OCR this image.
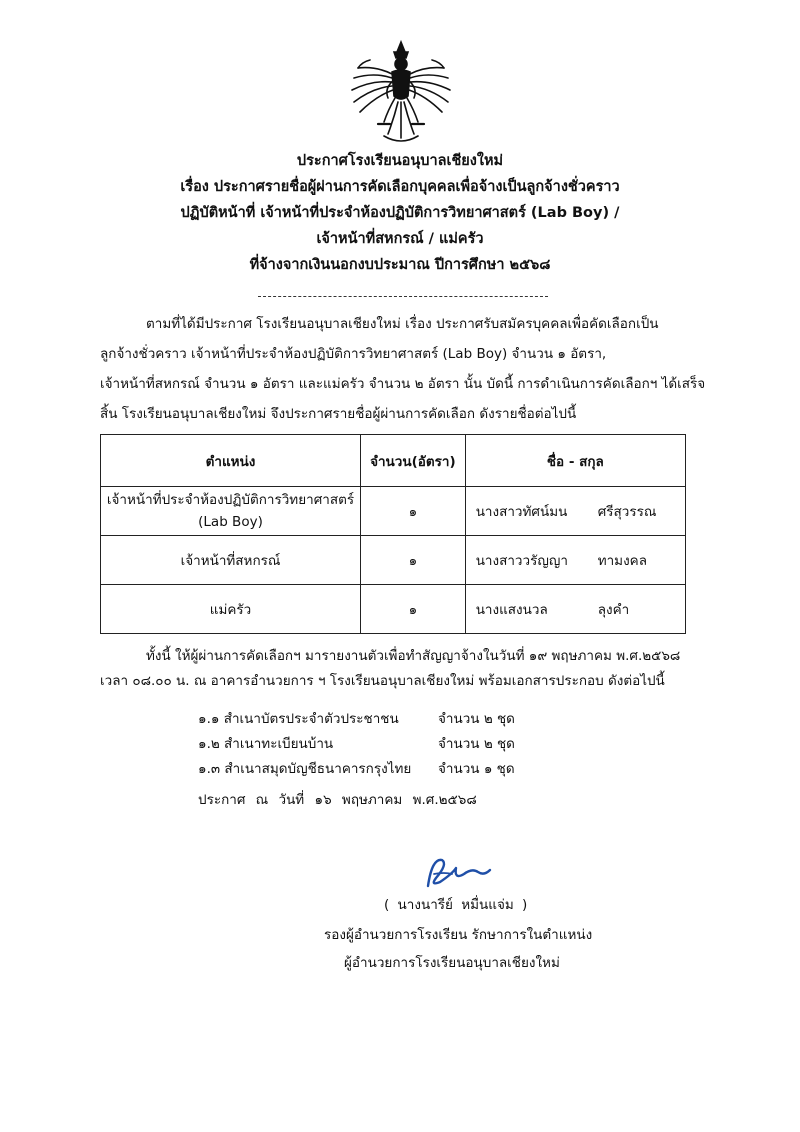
ประกาศโรงเรียนอนุบาลเชียงใหม่
เรื่อง ประกาศรายชื่อผู้ผ่านการคัดเลือกบุคคลเพื่อจ้างเป็นลูกจ้างชั่วคราว
ปฏิบัติหน้าที่ เจ้าหน้าที่ประจำห้องปฏิบัติการวิทยาศาสตร์ (Lab Boy) /
เจ้าหน้าที่สหกรณ์ / แม่ครัว
ที่จ้างจากเงินนอกงบประมาณ ปีการศึกษา ๒๕๖๘
ตามที่ได้มีประกาศ โรงเรียนอนุบาลเชียงใหม่ เรื่อง ประกาศรับสมัครบุคคลเพื่อคัดเลือกเป็น
ลูกจ้างชั่วคราว เจ้าหน้าที่ประจำห้องปฏิบัติการวิทยาศาสตร์ (Lab Boy) จำนวน ๑ อัตรา,
เจ้าหน้าที่สหกรณ์ จำนวน ๑ อัตรา และแม่ครัว จำนวน ๒ อัตรา นั้น บัดนี้ การดำเนินการคัดเลือกฯ ได้เสร็จ
สิ้น โรงเรียนอนุบาลเชียงใหม่ จึงประกาศรายชื่อผู้ผ่านการคัดเลือก ดังรายชื่อต่อไปนี้
ตำแหน่ง	จำนวน(อัตรา)	ชื่อ - สกุล

เจ้าหน้าที่ประจำห้องปฏิบัติการวิทยาศาสตร์
(Lab Boy)	๑	นางสาวทัศน์มน ศรีสุวรรณ

เจ้าหน้าที่สหกรณ์	๑	นางสาววรัญญา ทามงคล

แม่ครัว	๑	นางแสงนวล ลุงคำ
ทั้งนี้ ให้ผู้ผ่านการคัดเลือกฯ มารายงานตัวเพื่อทำสัญญาจ้างในวันที่ ๑๙ พฤษภาคม พ.ศ.๒๕๖๘
เวลา ๐๘.๐๐ น. ณ อาคารอำนวยการ ฯ โรงเรียนอนุบาลเชียงใหม่ พร้อมเอกสารประกอบ ดังต่อไปนี้
๑.๑ สำเนาบัตรประจำตัวประชาชน	จำนวน ๒ ชุด
๑.๒ สำเนาทะเบียนบ้าน	จำนวน ๒ ชุด
๑.๓ สำเนาสมุดบัญชีธนาคารกรุงไทย	จำนวน ๑ ชุด
ประกาศ ณ วันที่ ๑๖ พฤษภาคม พ.ศ.๒๕๖๘
( นางนารีย์ หมื่นแจ่ม )
รองผู้อำนวยการโรงเรียน รักษาการในตำแหน่ง
ผู้อำนวยการโรงเรียนอนุบาลเชียงใหม่
